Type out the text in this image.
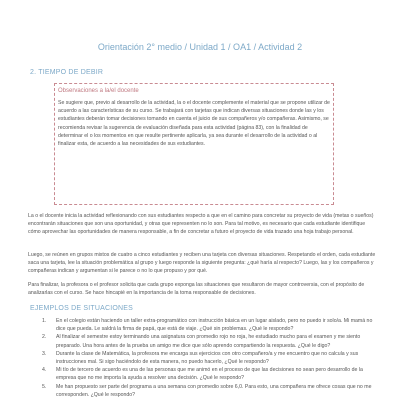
Orientación 2° medio / Unidad 1 / OA1 / Actividad 2
2. TIEMPO DE DEBIR
Observaciones a la/el docente

Se sugiere que, previo al desarrollo de la actividad, la o el docente complemente el material que se propone utilizar de acuerdo a las características de su curso. Se trabajará con tarjetas que indican diversas situaciones donde las y los estudiantes deberán tomar decisiones tomando en cuenta el juicio de sus compañeros y/o compañeras. Asimismo, se recomienda revisar la sugerencia de evaluación diseñada para esta actividad (página 83), con la finalidad de determinar el o los momentos en que resulte pertinente aplicarla, ya sea durante el desarrollo de la actividad o al finalizar esta, de acuerdo a las necesidades de sus estudiantes.

La o el docente inicia la actividad reflexionando con sus estudiantes respecto a que en el camino para concretar su proyecto de vida (metas o sueños) encontrarán situaciones que son una oportunidad, y otras que representen no lo son. Para tal motivo, es necesario que cada estudiante identifique cómo aprovechar las oportunidades de manera responsable, a fin de concretar a futuro el proyecto de vida trazado una hoja trabajo personal.

Luego, se reúnen en grupos mixtos de cuatro a cinco estudiantes y reciben una tarjeta con diversas situaciones. Respetando el orden, cada estudiante saca una tarjeta, lee la situación problemática al grupo y luego responde la siguiente pregunta: ¿qué haría al respecto? Luego, las y los compañeros y compañeras indican y argumentan si le parece o no lo que propuso y por qué.

Para finalizar, la profesora o el profesor solicita que cada grupo exponga las situaciones que resultaron de mayor controversia, con el propósito de analizarlas con el curso. Se hace hincapié en la importancia de la toma responsable de decisiones.

EJEMPLOS DE SITUACIONES
1.	En el colegio están haciendo un taller extra-programático con instrucción básica en un lugar aislado, pero no puedo ir solo/a. Mi mamá no dice que pueda. Le saldrá la firma de papá, que está de viaje. ¿Qué sin problemas. ¿Qué le respondo?
2.	Al finalizar el semestre estoy terminando una asignatura con promedio rojo no roja, he estudiado mucho para el examen y me siento preparado. Una hora antes de la prueba un amigo me dice que sólo aprendo compartiendo la respuesta. ¿Qué le digo?
3.	Durante la clase de Matemática, la profesora me encarga sus ejercicios con otro compañero/a y me encuentro que no calcula y sus instrucciones mal. Si sigo haciéndolo de esta manera, no puedo hacerlo, ¿Qué le respondo?
4.	Mi tío de tercero de acuerdo es una de las personas que me animó en el proceso de que las decisiones no sean pero desarrollo de la empresa que no me importa la ayuda a resolver una decisión. ¿Qué le respondo?
5.	Me han propuesto ser parte del programa a una semana con promedio sobre 6,0. Para esto, una compañera me ofrece cosas que no me corresponden. ¿Qué le respondo?
